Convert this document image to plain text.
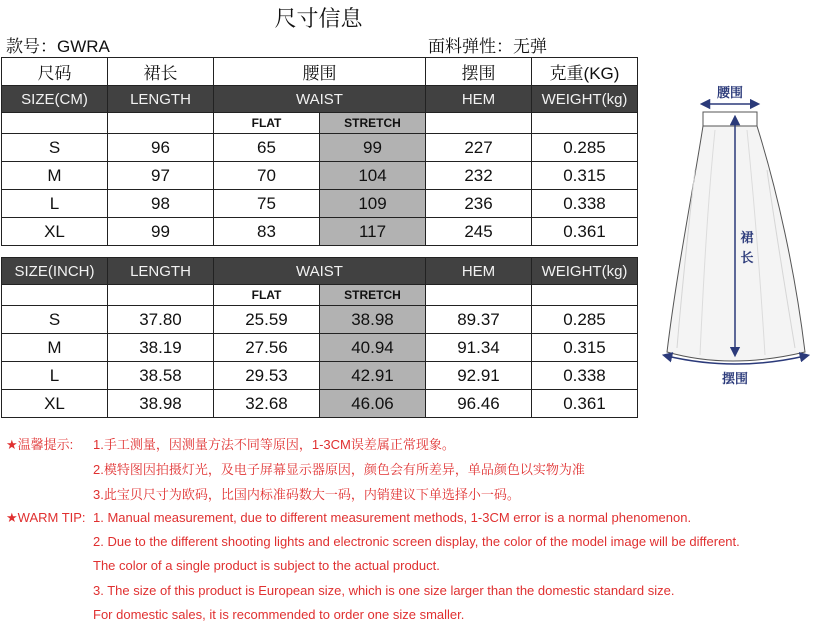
尺寸信息
款号：GWRA	面料弹性：无弹
尺码	裙长	腰围		摆围	克重(KG)
SIZE(CM)	LENGTH	WAIST		HEM	WEIGHT(kg)
		FLAT	STRETCH		
S	96	65	99	227	0.285
M	97	70	104	232	0.315
L	98	75	109	236	0.338
XL	99	83	117	245	0.361
SIZE(INCH)	LENGTH	WAIST		HEM	WEIGHT(kg)
		FLAT	STRETCH		
S	37.80	25.59	38.98	89.37	0.285
M	38.19	27.56	40.94	91.34	0.315
L	38.58	29.53	42.91	92.91	0.338
XL	38.98	32.68	46.06	96.46	0.361
腰围
裙
长
摆围
★温馨提示: 1.手工测量，因测量方法不同等原因，1-3CM误差属正常现象。
2.模特图因拍摄灯光，及电子屏幕显示器原因，颜色会有所差异，单品颜色以实物为准
3.此宝贝尺寸为欧码，比国内标准码数大一码，内销建议下单选择小一码。
★WARM TIP: 1. Manual measurement, due to different measurement methods, 1-3CM error is a normal phenomenon.
2. Due to the different shooting lights and electronic screen display, the color of the model image will be different.
The color of a single product is subject to the actual product.
3. The size of this product is European size, which is one size larger than the domestic standard size.
For domestic sales, it is recommended to order one size smaller.
